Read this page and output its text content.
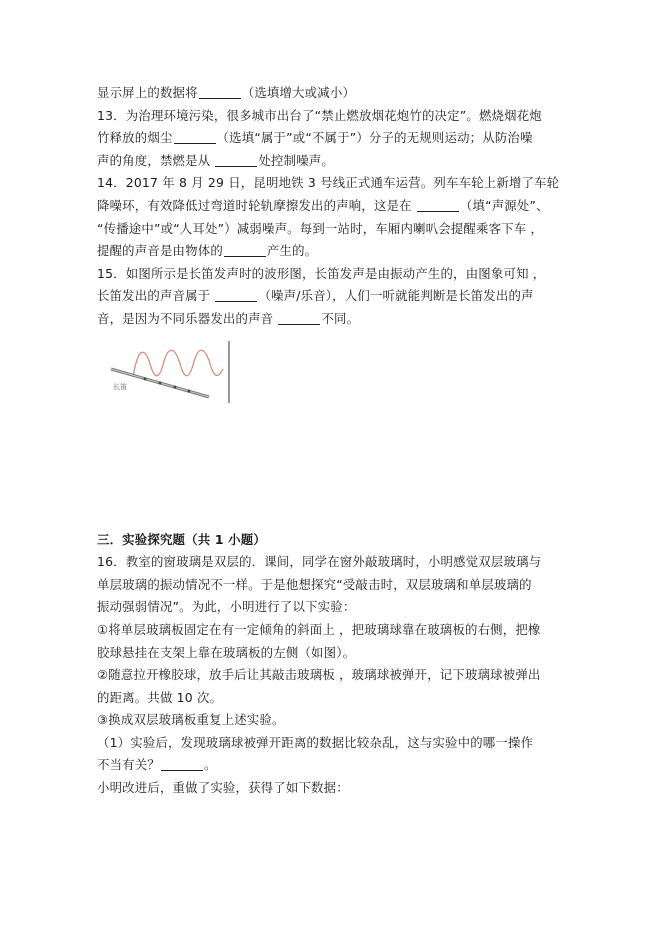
显示屏上的数据将	（选填增大或减小）
13．为治理环境污染，很多城市出台了“禁止燃放烟花炮竹的决定”。燃烧烟花炮
竹释放的烟尘	（选填“属于”或“不属于”）分子的无规则运动；从防治噪
声的角度，禁燃是从	处控制噪声。
14．2017 年 8 月 29 日，昆明地铁 3 号线正式通车运营。列车车轮上新增了车轮
降噪环，有效降低过弯道时轮轨摩擦发出的声响，这是在	（填“声源处”、
“传播途中”或“人耳处”）减弱噪声。每到一站时，车厢内喇叭会提醒乘客下车 ，
提醒的声音是由物体的	产生的。
15．如图所示是长笛发声时的波形图，长笛发声是由振动产生的，由图象可知 ，
长笛发出的声音属于	（噪声/乐音），人们一听就能判断是长笛发出的声
音，是因为不同乐器发出的声音	不同。
长笛
三．实验探究题（共 1 小题）
16．教室的窗玻璃是双层的．课间，同学在窗外敲玻璃时，小明感觉双层玻璃与
单层玻璃的振动情况不一样。于是他想探究“受敲击时，双层玻璃和单层玻璃的
振动强弱情况”。为此，小明进行了以下实验：
①将单层玻璃板固定在有一定倾角的斜面上 ，把玻璃球靠在玻璃板的右侧，把橡
胶球悬挂在支架上靠在玻璃板的左侧（如图）。
②随意拉开橡胶球，放手后让其敲击玻璃板 ，玻璃球被弹开，记下玻璃球被弹出
的距离。共做 10 次。
③换成双层玻璃板重复上述实验。
（1）实验后，发现玻璃球被弹开距离的数据比较杂乱，这与实验中的哪一操作
不当有关？	。
小明改进后，重做了实验，获得了如下数据：
